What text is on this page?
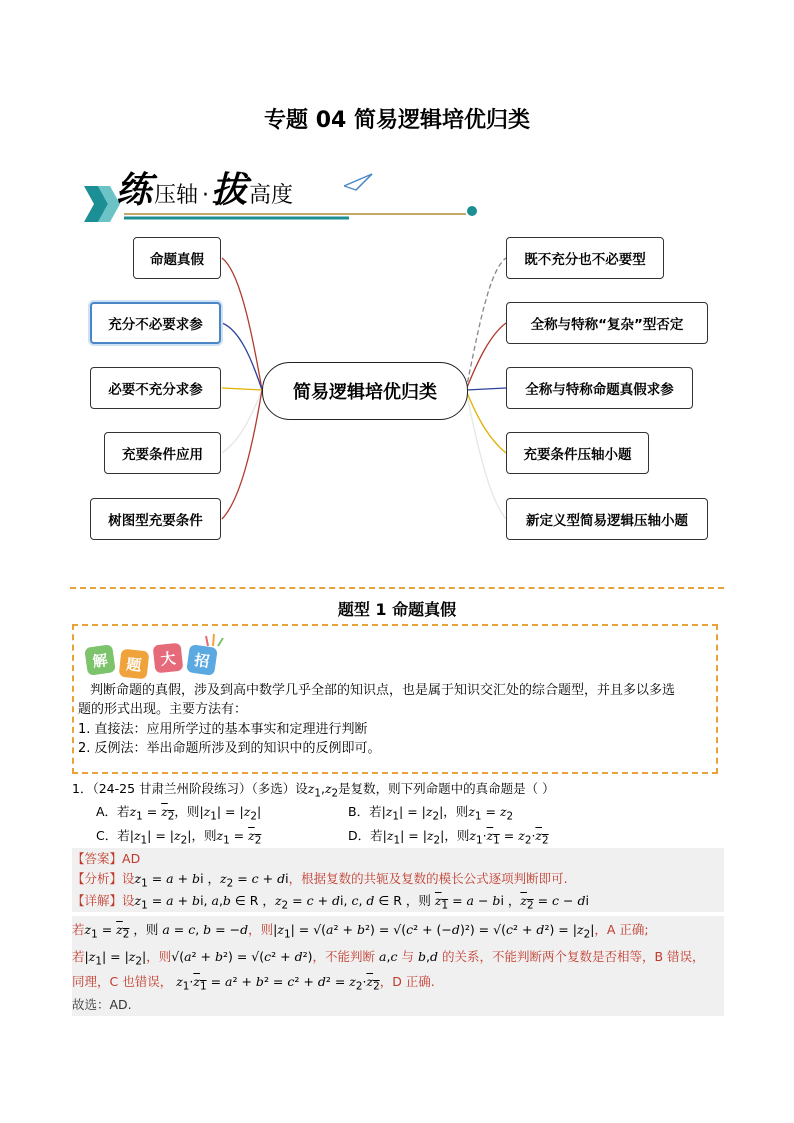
专题 04 简易逻辑培优归类
练 压轴 · 拔 高度
简易逻辑培优归类
命题真假
充分不必要求参
必要不充分求参
充要条件应用
树图型充要条件
既不充分也不必要型
全称与特称“复杂”型否定
全称与特称命题真假求参
充要条件压轴小题
新定义型简易逻辑压轴小题
题型 1 命题真假
解	题	大	招

判断命题的真假，涉及到高中数学几乎全部的知识点，也是属于知识交汇处的综合题型，并且多以多选

题的形式出现。主要方法有：

1. 直接法：应用所学过的基本事实和定理进行判断

2. 反例法：举出命题所涉及到的知识中的反例即可。

1．（24-25 甘肃兰州阶段练习）（多选）设$z_1,z_2$是复数，则下列命题中的真命题是（ ）
A．若$z_1 = z_2$，则$|z_1| = |z_2|$	B．若$|z_1| = |z_2|$，则$z_1 = z_2$
C．若$|z_1| = |z_2|$，则$z_1 = z_2$	D．若$|z_1| = |z_2|$，则$z_1\cdot z_1 = z_2\cdot z_2$
【答案】AD
【分析】设$z_1 = a$ + bi ，$z_2 = c$ + di，根据复数的共轭及复数的模长公式逐项判断即可.
【详解】设$z_1 = a$ + bi, a,b ∈ R ，$z_2 = c$ + di, c, d ∈ R ，则 $z_1 = a$ − bi ，$z_2 = c$ − di
若$z_1 = z_2$ ，则 a = c, b = −d，则$|z_1| = √(a^2 + b^2) = √(c^2 + (-d)^2) = √(c^2 + d^2) = |z_2|$，A 正确;
若$|z_1| = |z_2|$，则√(a² + b²) = √(c² + d²)，不能判断 a,c 与 b,d 的关系，不能判断两个复数是否相等，B 错误，
同理，C 也错误， $z_1\cdot z_1 = a^2 + b^2 = c^2 + d^2 = z_2\cdot z_2$，D 正确.
故选：AD.
